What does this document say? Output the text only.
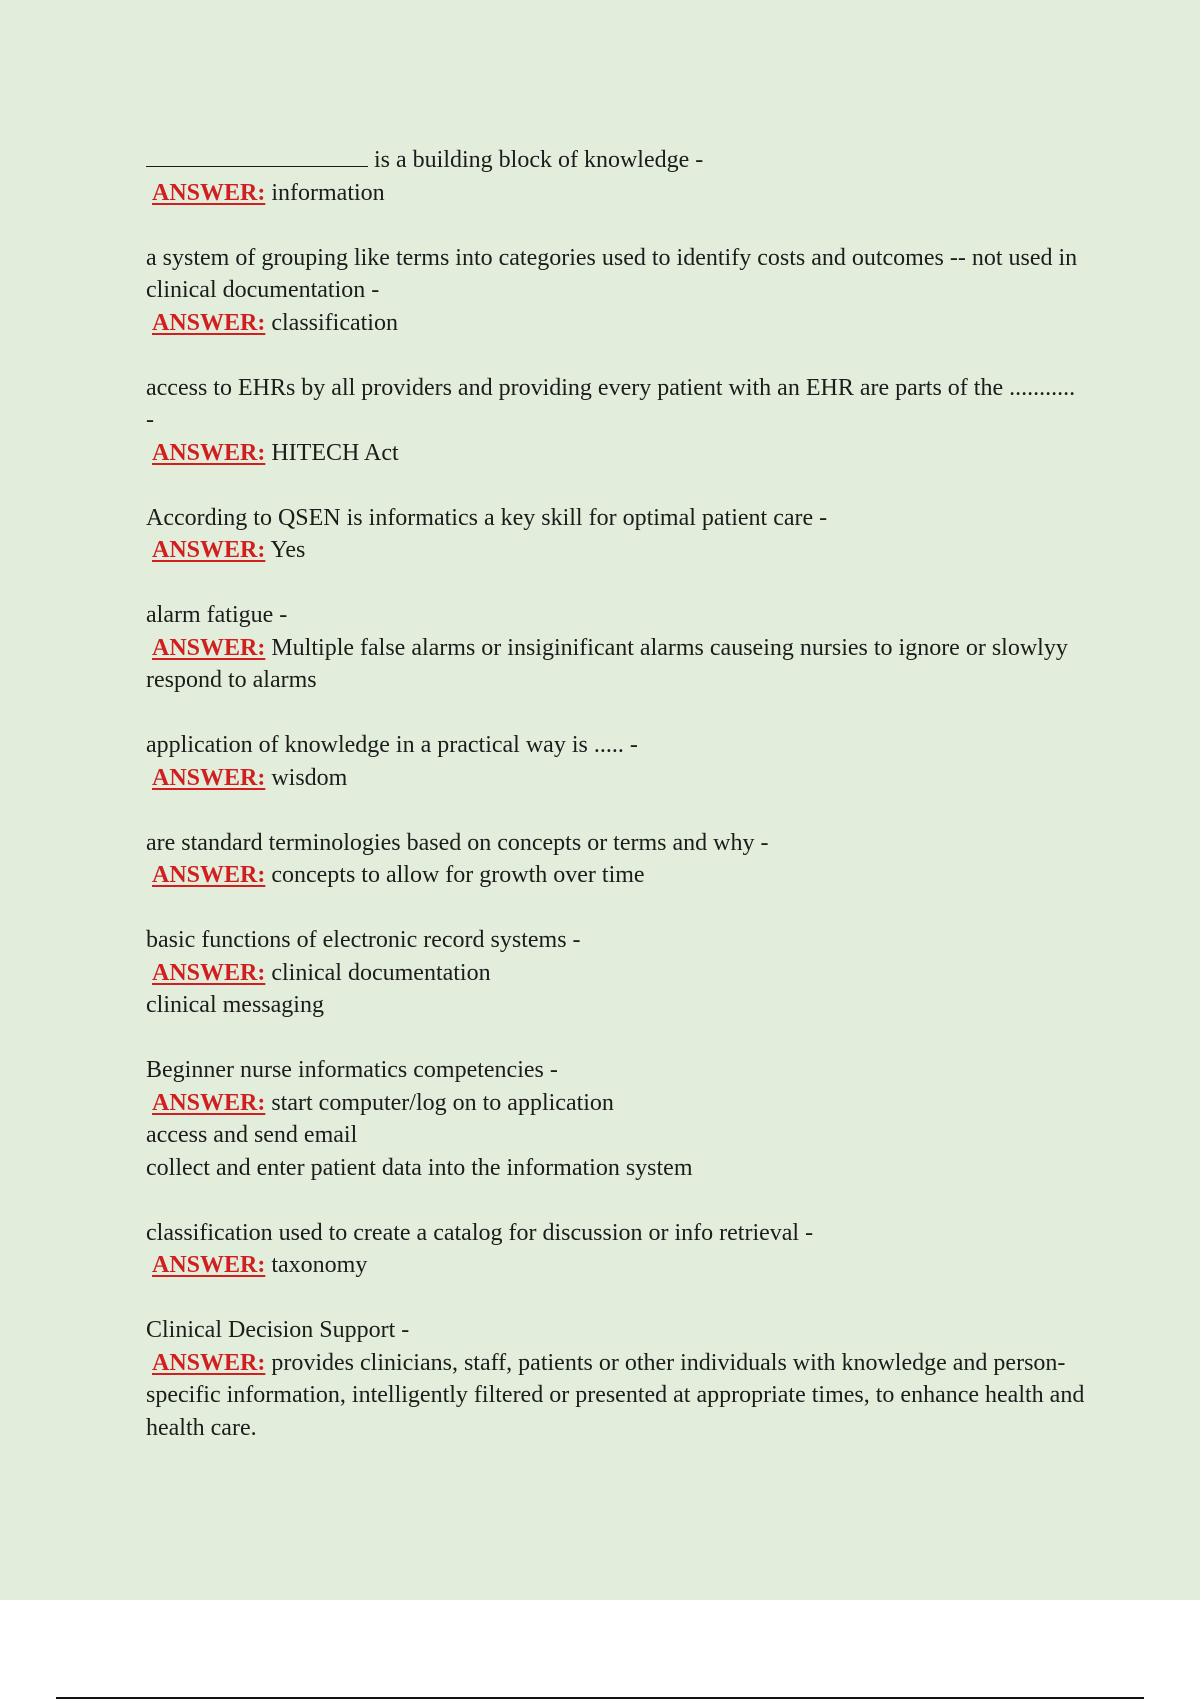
is a building block of knowledge -
ANSWER: information
a system of grouping like terms into categories used to identify costs and outcomes -- not used in clinical documentation -
ANSWER: classification
access to EHRs by all providers and providing every patient with an EHR are parts of the ........... -
ANSWER: HITECH Act
According to QSEN is informatics a key skill for optimal patient care -
ANSWER: Yes
alarm fatigue -
ANSWER: Multiple false alarms or insiginificant alarms causeing nursies to ignore or slowlyy respond to alarms
application of knowledge in a practical way is ..... -
ANSWER: wisdom
are standard terminologies based on concepts or terms and why -
ANSWER: concepts to allow for growth over time
basic functions of electronic record systems -
ANSWER: clinical documentation
clinical messaging
Beginner nurse informatics competencies -
ANSWER: start computer/log on to application
access and send email
collect and enter patient data into the information system
classification used to create a catalog for discussion or info retrieval -
ANSWER: taxonomy
Clinical Decision Support -
ANSWER: provides clinicians, staff, patients or other individuals with knowledge and person-specific information, intelligently filtered or presented at appropriate times, to enhance health and health care.
